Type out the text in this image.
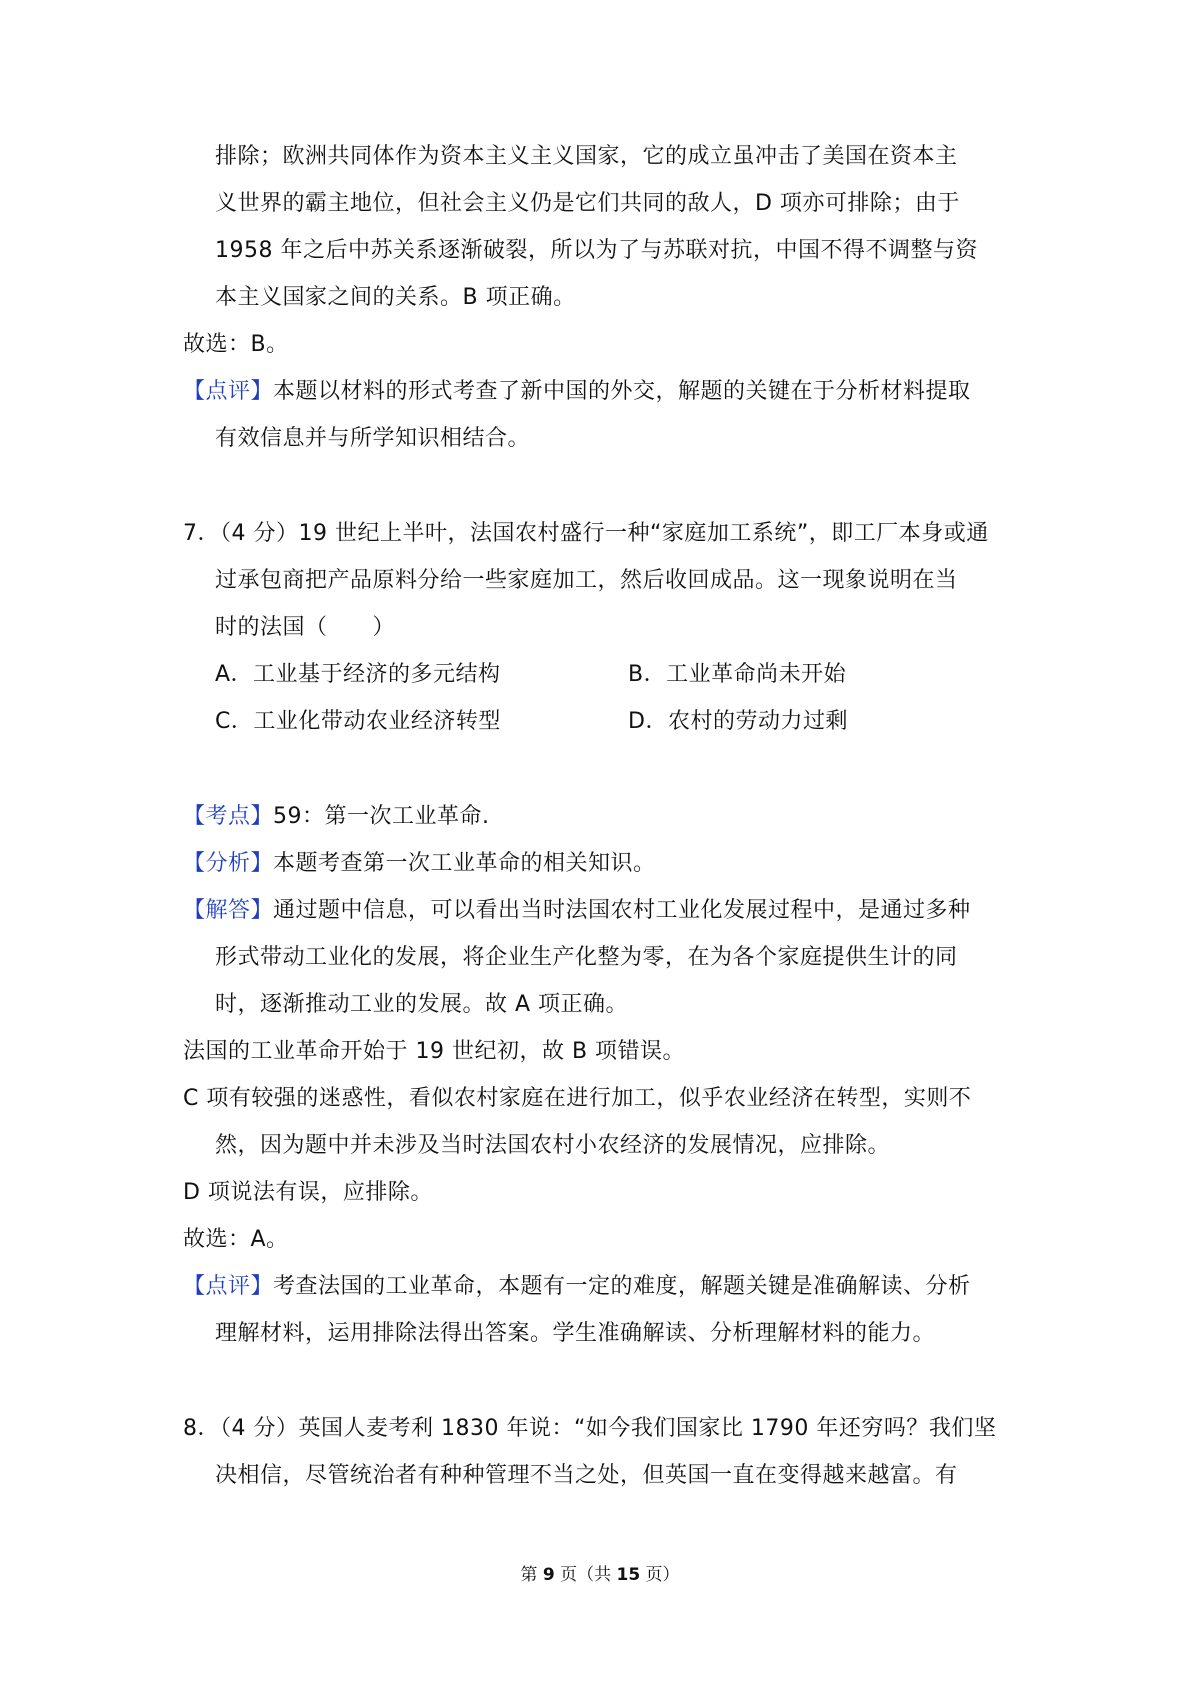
排除；欧洲共同体作为资本主义主义国家，它的成立虽冲击了美国在资本主
义世界的霸主地位，但社会主义仍是它们共同的敌人，D 项亦可排除；由于
1958 年之后中苏关系逐渐破裂，所以为了与苏联对抗，中国不得不调整与资
本主义国家之间的关系。B 项正确。
故选：B。
【点评】本题以材料的形式考查了新中国的外交，解题的关键在于分析材料提取
有效信息并与所学知识相结合。
7．（4 分）19 世纪上半叶，法国农村盛行一种“家庭加工系统”，即工厂本身或通
过承包商把产品原料分给一些家庭加工，然后收回成品。这一现象说明在当
时的法国（　　）
A．工业基于经济的多元结构	B．工业革命尚未开始
C．工业化带动农业经济转型	D．农村的劳动力过剩
【考点】59：第一次工业革命.
【分析】本题考查第一次工业革命的相关知识。
【解答】通过题中信息，可以看出当时法国农村工业化发展过程中，是通过多种
形式带动工业化的发展，将企业生产化整为零，在为各个家庭提供生计的同
时，逐渐推动工业的发展。故 A 项正确。
法国的工业革命开始于 19 世纪初，故 B 项错误。
C 项有较强的迷惑性，看似农村家庭在进行加工，似乎农业经济在转型，实则不
然，因为题中并未涉及当时法国农村小农经济的发展情况，应排除。
D 项说法有误，应排除。
故选：A。
【点评】考查法国的工业革命，本题有一定的难度，解题关键是准确解读、分析
理解材料，运用排除法得出答案。学生准确解读、分析理解材料的能力。
8．（4 分）英国人麦考利 1830 年说：“如今我们国家比 1790 年还穷吗？我们坚
决相信，尽管统治者有种种管理不当之处，但英国一直在变得越来越富。有
第 9 页（共 15 页）
